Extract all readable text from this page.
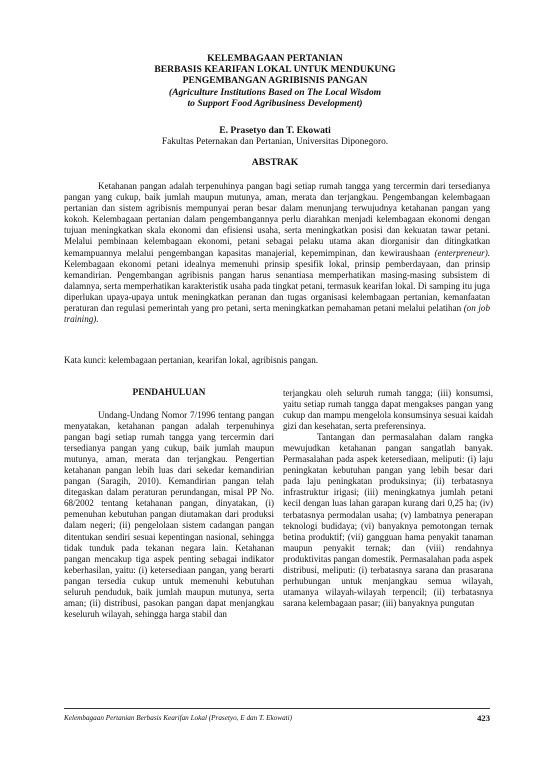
KELEMBAGAAN PERTANIAN
BERBASIS KEARIFAN LOKAL UNTUK MENDUKUNG
PENGEMBANGAN AGRIBISNIS PANGAN
(Agriculture Institutions Based on The Local Wisdom
to Support Food Agribusiness Development)
E. Prasetyo dan T. Ekowati
Fakultas Peternakan dan Pertanian, Universitas Diponegoro.
ABSTRAK

Ketahanan pangan adalah terpenuhinya pangan bagi setiap rumah tangga yang tercermin dari tersedianya pangan yang cukup, baik jumlah maupun mutunya, aman, merata dan terjangkau. Pengembangan kelembagaan pertanian dan sistem agribisnis mempunyai peran besar dalam menunjang terwujudnya ketahanan pangan yang kokoh. Kelembagaan pertanian dalam pengembangannya perlu diarahkan menjadi kelembagaan ekonomi dengan tujuan meningkatkan skala ekonomi dan efisiensi usaha, serta meningkatkan posisi dan kekuatan tawar petani. Melalui pembinaan kelembagaan ekonomi, petani sebagai pelaku utama akan diorganisir dan ditingkatkan kemampuannya melalui pengembangan kapasitas manajerial, kepemimpinan, dan kewiraushaan (enterpreneur). Kelembagaan ekonomi petani idealnya memenuhi prinsip spesifik lokal, prinsip pemberdayaan, dan prinsip kemandirian. Pengembangan agribisnis pangan harus senantiasa memperhatikan masing-masing subsistem di dalamnya, serta memperhatikan karakteristik usaha pada tingkat petani, termasuk kearifan lokal. Di samping itu juga diperlukan upaya-upaya untuk meningkatkan peranan dan tugas organisasi kelembagaan pertanian, kemanfaatan peraturan dan regulasi pemerintah yang pro petani, serta meningkatkan pemahaman petani melalui pelatihan (on job training).

Kata kunci: kelembagaan pertanian, kearifan lokal, agribisnis pangan.

PENDAHULUAN

Undang-Undang Nomor 7/1996 tentang pangan menyatakan, ketahanan pangan adalah terpenuhinya pangan bagi setiap rumah tangga yang tercermin dari tersedianya pangan yang cukup, baik jumlah maupun mutunya, aman, merata dan terjangkau. Pengertian ketahanan pangan lebih luas dari sekedar kemandirian pangan (Saragih, 2010). Kemandirian pangan telah ditegaskan dalam peraturan perundangan, misal PP No. 68/2002 tentang ketahanan pangan, dinyatakan, (i) pemenuhan kebutuhan pangan diutamakan dari produksi dalam negeri; (ii) pengelolaan sistem cadangan pangan ditentukan sendiri sesuai kepentingan nasional, sehingga tidak tunduk pada tekanan negara lain. Ketahanan pangan mencakup tiga aspek penting sebagai indikator keberhasilan, yaitu: (i) ketersediaan pangan, yang berarti pangan tersedia cukup untuk memenuhi kebutuhan seluruh penduduk, baik jumlah maupun mutunya, serta aman; (ii) distribusi, pasokan pangan dapat menjangkau keseluruh wilayah, sehingga harga stabil dan

terjangkau oleh seluruh rumah tangga; (iii) konsumsi, yaitu setiap rumah tangga dapat mengakses pangan yang cukup dan mampu mengelola konsumsinya sesuai kaidah gizi dan kesehatan, serta preferensinya.

Tantangan dan permasalahan dalam rangka mewujudkan ketahanan pangan sangatlah banyak. Permasalahan pada aspek ketersediaan, meliputi: (i) laju peningkatan kebutuhan pangan yang lebih besar dari pada laju peningkatan produksinya; (ii) terbatasnya infrastruktur irigasi; (iii) meningkatnya jumlah petani kecil dengan luas lahan garapan kurang dari 0,25 ha; (iv) terbatasnya permodalan usaha; (v) lambatnya penerapan teknologi budidaya; (vi) banyaknya pemotongan ternak betina produktif; (vii) gangguan hama penyakit tanaman maupun penyakit ternak; dan (viii) rendahnya produktivitas pangan domestik. Permasalahan pada aspek distribusi, meliputi: (i) terbatasnya sarana dan prasarana perhubungan untuk menjangkau semua wilayah, utamanya wilayah-wilayah terpencil; (ii) terbatasnya sarana kelembagaan pasar; (iii) banyaknya pungutan

Kelembagaan Pertanian Berbasis Kearifan Lokal (Prasetyo, E dan T. Ekowati)	423
